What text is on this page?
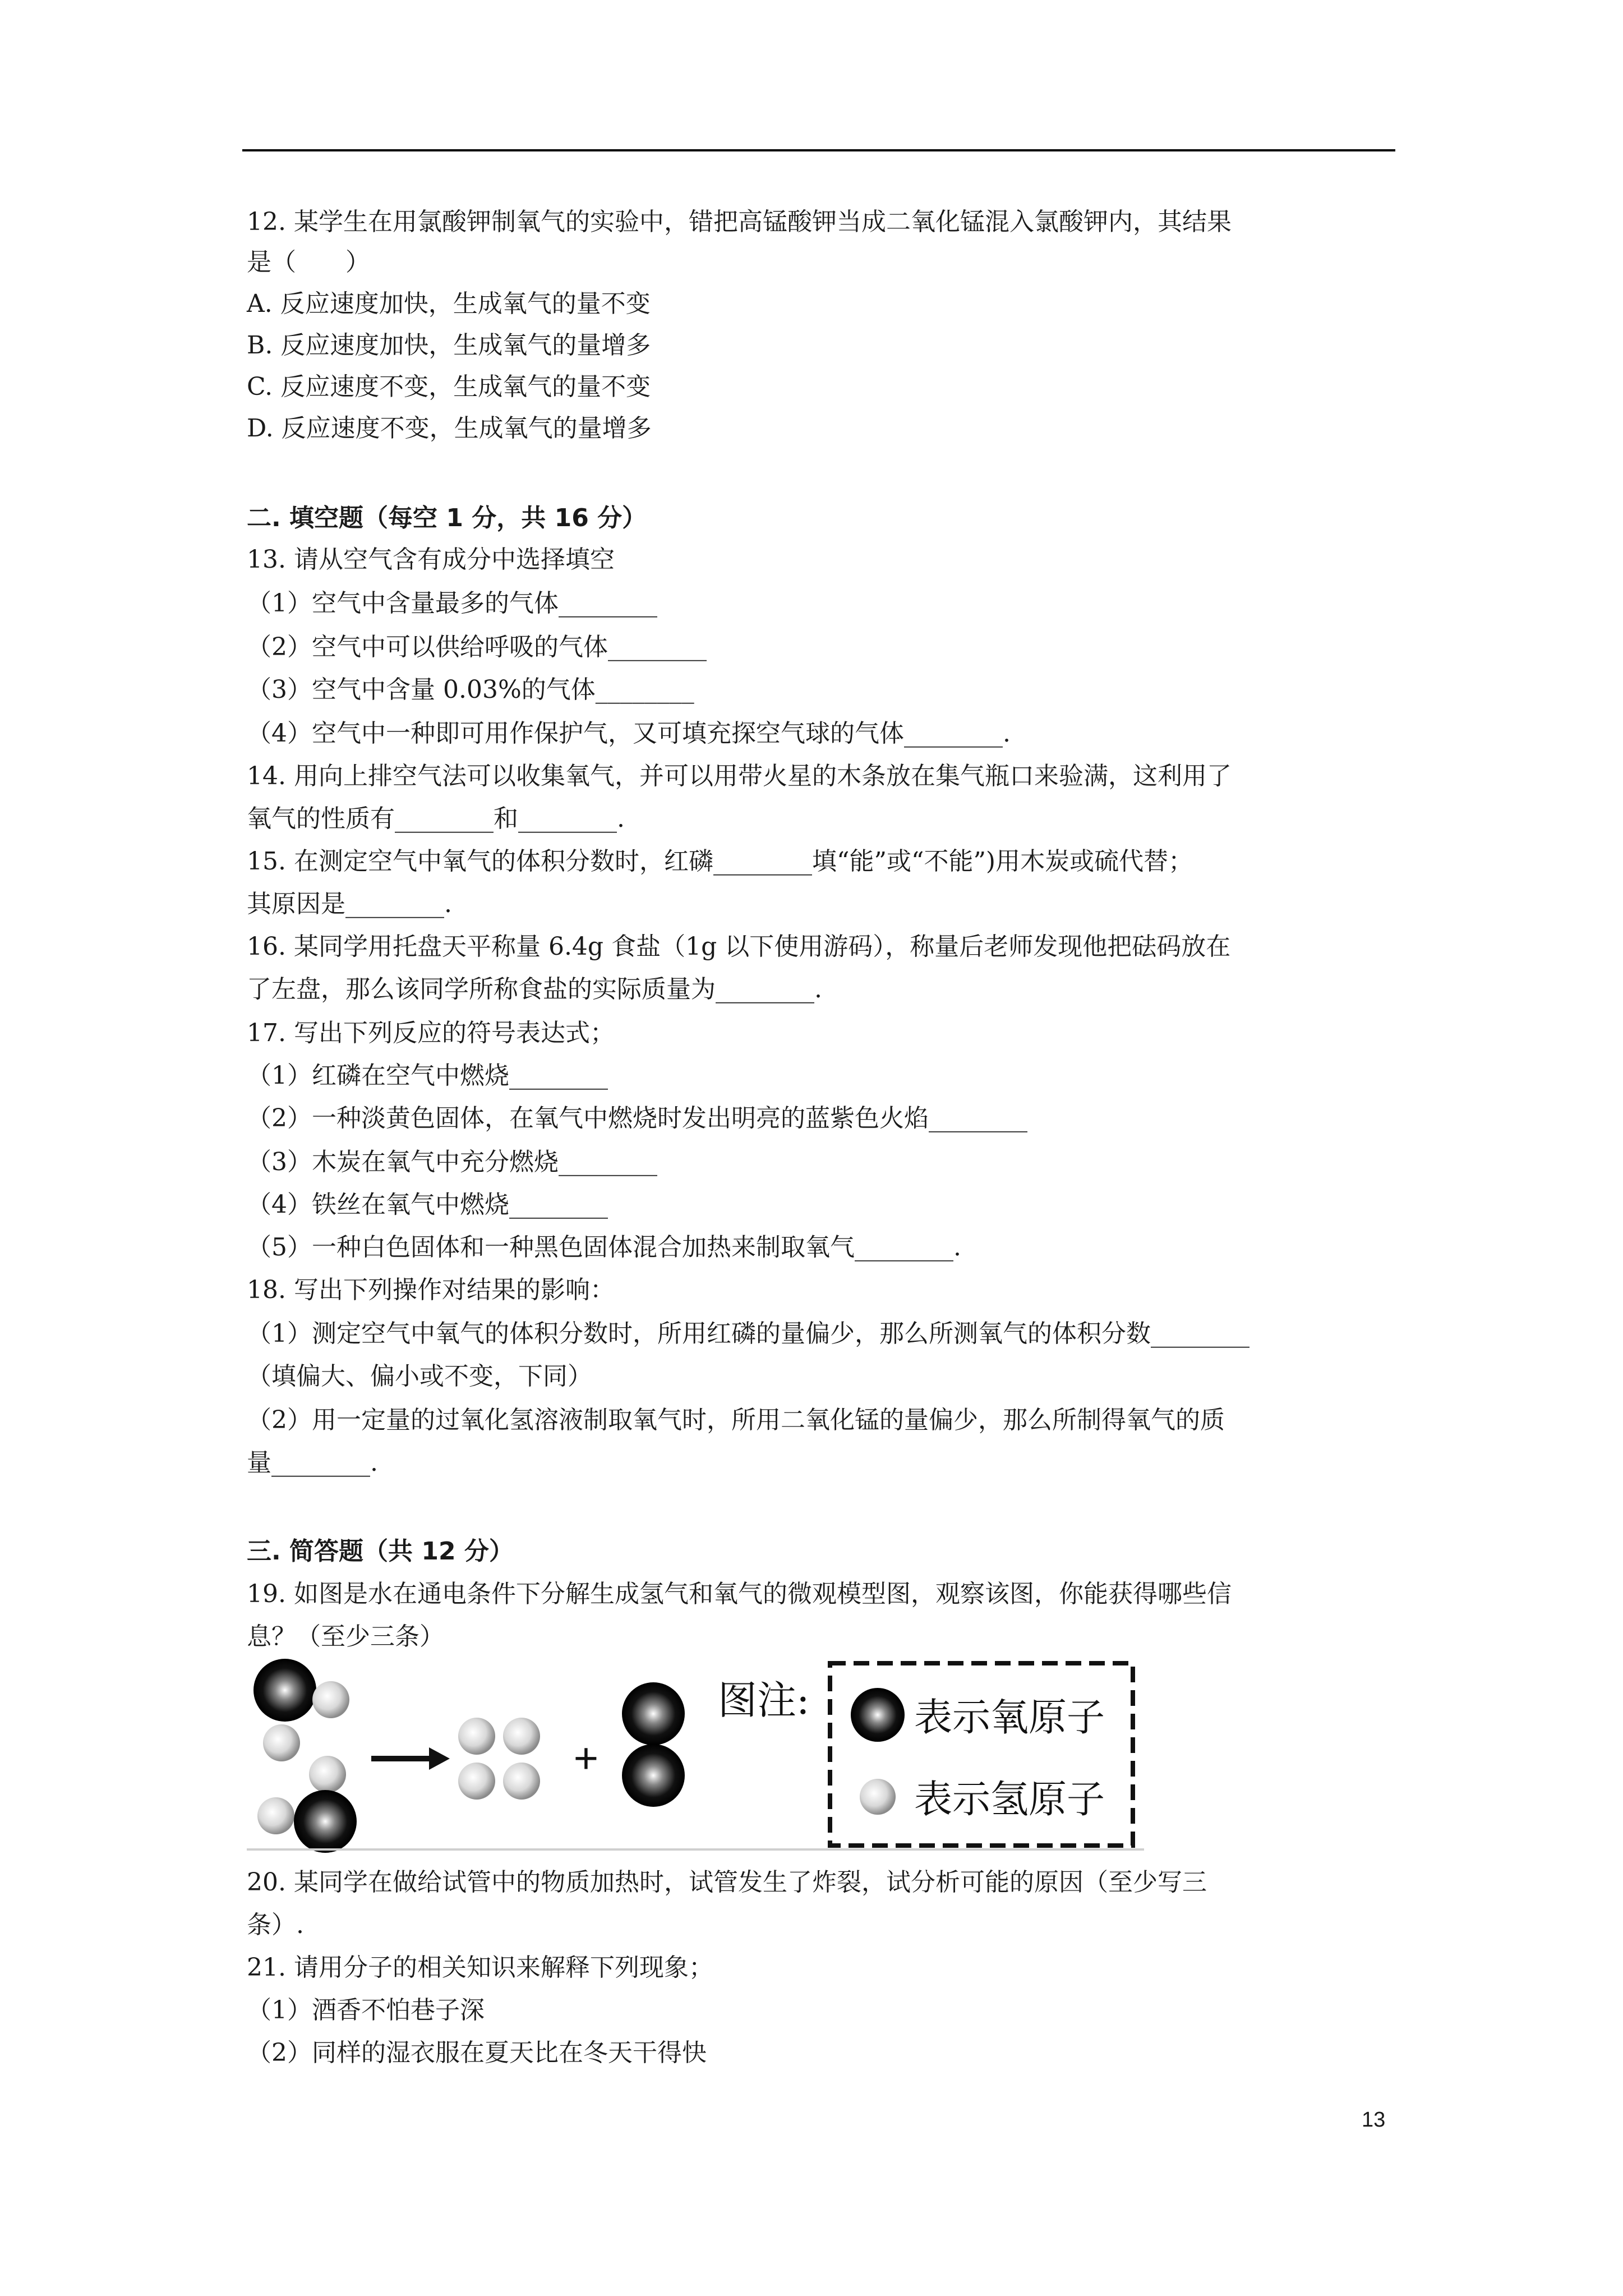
12. 某学生在用氯酸钾制氧气的实验中，错把高锰酸钾当成二氧化锰混入氯酸钾内，其结果
是（　　）
A. 反应速度加快，生成氧气的量不变
B. 反应速度加快，生成氧气的量增多
C. 反应速度不变，生成氧气的量不变
D. 反应速度不变，生成氧气的量增多
二. 填空题（每空 1 分，共 16 分）
13. 请从空气含有成分中选择填空
（1）空气中含量最多的气体________
（2）空气中可以供给呼吸的气体________
（3）空气中含量 0.03%的气体________
（4）空气中一种即可用作保护气，又可填充探空气球的气体________.
14. 用向上排空气法可以收集氧气，并可以用带火星的木条放在集气瓶口来验满，这利用了
氧气的性质有________和________.
15. 在测定空气中氧气的体积分数时，红磷________填“能”或“不能”)用木炭或硫代替；
其原因是________.
16. 某同学用托盘天平称量 6.4g 食盐（1g 以下使用游码），称量后老师发现他把砝码放在
了左盘，那么该同学所称食盐的实际质量为________.
17. 写出下列反应的符号表达式；
（1）红磷在空气中燃烧________
（2）一种淡黄色固体，在氧气中燃烧时发出明亮的蓝紫色火焰________
（3）木炭在氧气中充分燃烧________
（4）铁丝在氧气中燃烧________
（5）一种白色固体和一种黑色固体混合加热来制取氧气________.
18. 写出下列操作对结果的影响：
（1）测定空气中氧气的体积分数时，所用红磷的量偏少，那么所测氧气的体积分数________
（填偏大、偏小或不变，下同）
（2）用一定量的过氧化氢溶液制取氧气时，所用二氧化锰的量偏少，那么所制得氧气的质
量________.
三. 简答题（共 12 分）
19. 如图是水在通电条件下分解生成氢气和氧气的微观模型图，观察该图，你能获得哪些信
息？（至少三条）
+
图注:	表示氧原子
表示氢原子
20. 某同学在做给试管中的物质加热时，试管发生了炸裂，试分析可能的原因（至少写三
条）.
21. 请用分子的相关知识来解释下列现象；
（1）酒香不怕巷子深
（2）同样的湿衣服在夏天比在冬天干得快
13
